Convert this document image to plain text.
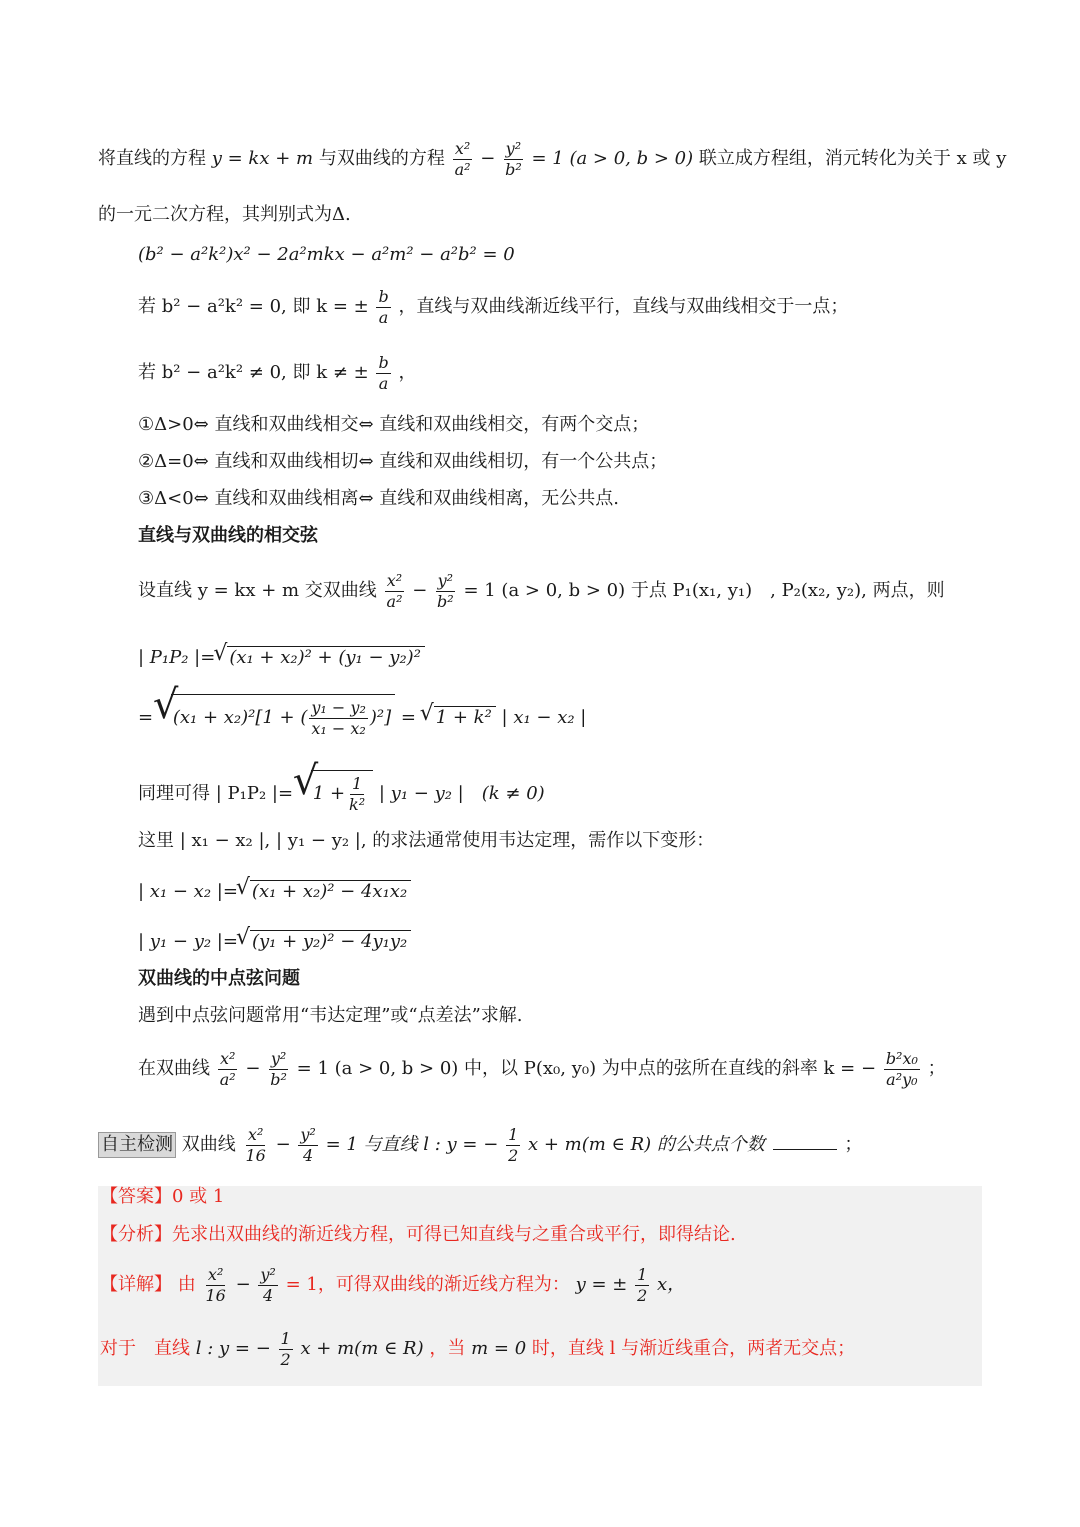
将直线的方程 y = kx + m 与双曲线的方程 $\frac{\text{x²}}{\text{a²}} - \frac{\text{y²}}{\text{b²}} = 1$ (a > 0, b > 0) 联立成方程组，消元转化为关于 x 或 y
的一元二次方程，其判别式为Δ.
(b² − a²k²)x² − 2a²mkx − a²m² − a²b² = 0
若 b² − a²k² = 0, 即 k = ± $\frac{b}{a}$ ，直线与双曲线渐近线平行，直线与双曲线相交于一点；
若 b² − a²k² ≠ 0, 即 k ≠ ± $\frac{b}{a}$ ，
①Δ>0⇔ 直线和双曲线相交⇔ 直线和双曲线相交，有两个交点；
②Δ=0⇔ 直线和双曲线相切⇔ 直线和双曲线相切，有一个公共点；
③Δ<0⇔ 直线和双曲线相离⇔ 直线和双曲线相离，无公共点.
直线与双曲线的相交弦
设直线 y = kx + m 交双曲线 $\frac{\text{x²}}{\text{a²}} - \frac{\text{y²}}{\text{b²}} = 1$ (a > 0, b > 0) 于点 P₁(x₁, y₁)　, P₂(x₂, y₂), 两点，则
| P₁P₂ |= √ (x₁ + x₂)² + (y₁ − y₂)²
= √ (x₁ + x₂)²[1 + ( $\frac{\text{y₁ − y₂}}{\text{x₁ − x₂}} )^2$] = √ 1 + k² | x₁ − x₂ |
同理可得 | P₁P₂ |= √ $1 + \frac{1}{\text{k²}}$ | y₁ − y₂ |　(k ≠ 0)
这里 | x₁ − x₂ |, | y₁ − y₂ |, 的求法通常使用韦达定理，需作以下变形：
| x₁ − x₂ |= √ (x₁ + x₂)² − 4x₁x₂
| y₁ − y₂ |= √ (y₁ + y₂)² − 4y₁y₂
双曲线的中点弦问题
遇到中点弦问题常用“韦达定理”或“点差法”求解.
在双曲线 $\frac{\text{x²}}{\text{a²}} - \frac{\text{y²}}{\text{b²}} = 1$ (a > 0, b > 0) 中，以 P(x₀, y₀) 为中点的弦所在直线的斜率 k = − $\frac{\text{b²x₀}}{\text{a²y₀}}$ ；
自主检测 双曲线 $\frac{\text{x²}}{16} - \frac{\text{y²}}{4} = 1$ 与直线 l : y = − $\frac{1}{2}$ x + m(m ∈ R) 的公共点个数	；
【答案】0 或 1
【分析】先求出双曲线的渐近线方程，可得已知直线与之重合或平行，即得结论.
【详解】 由 $\frac{\text{x²}}{16} - \frac{\text{y²}}{4} = 1$，可得双曲线的渐近线方程为： y = ± $\frac{1}{2}$ x，
对于　直线 l : y = − $\frac{1}{2}$ x + m(m ∈ R) ，当 m = 0 时，直线 l 与渐近线重合，两者无交点；
